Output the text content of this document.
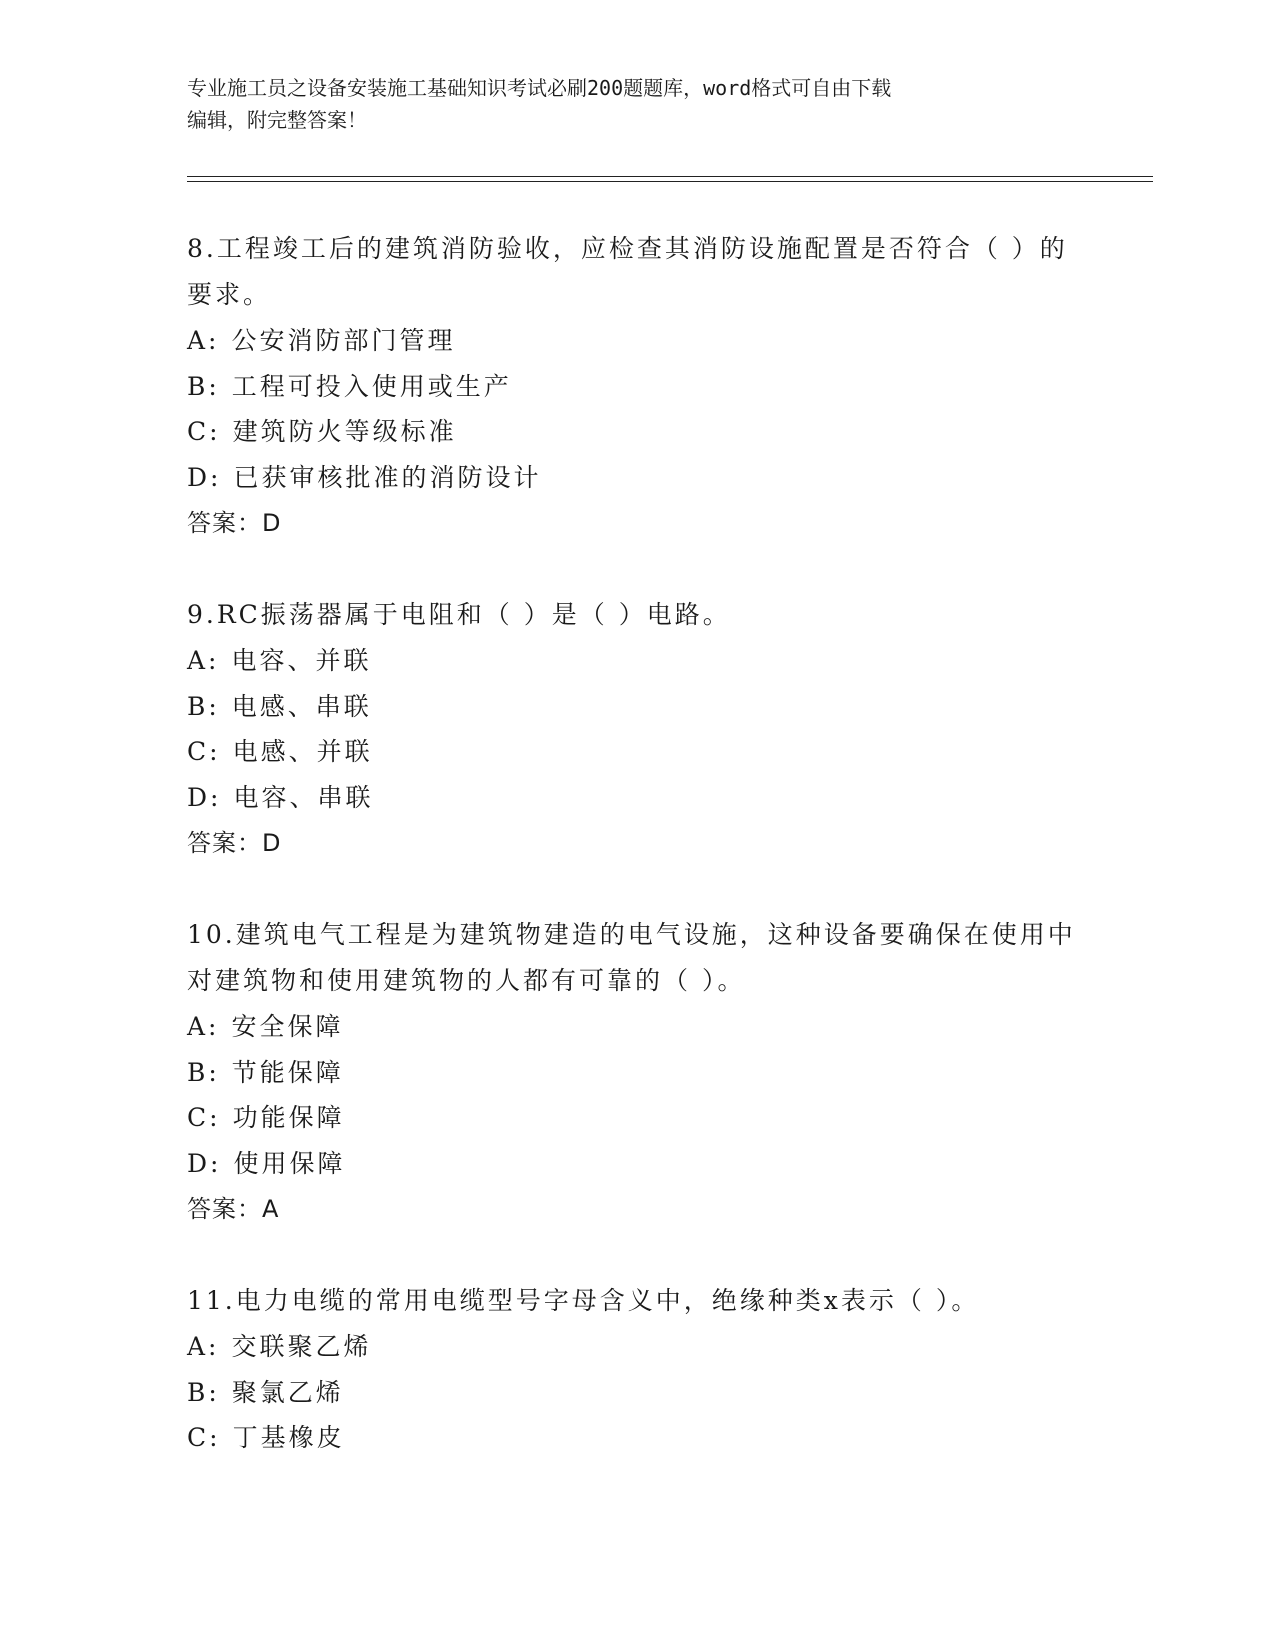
专业施工员之设备安装施工基础知识考试必刷200题题库，word格式可自由下载
编辑，附完整答案！
8.工程竣工后的建筑消防验收，应检查其消防设施配置是否符合（ ）的要求。
A: 公安消防部门管理
B: 工程可投入使用或生产
C: 建筑防火等级标准
D: 已获审核批准的消防设计
答案：D
9.RC振荡器属于电阻和（ ）是（ ）电路。
A: 电容、并联
B: 电感、串联
C: 电感、并联
D: 电容、串联
答案：D
10.建筑电气工程是为建筑物建造的电气设施，这种设备要确保在使用中对建筑物和使用建筑物的人都有可靠的（ ）。
A: 安全保障
B: 节能保障
C: 功能保障
D: 使用保障
答案：A
11.电力电缆的常用电缆型号字母含义中，绝缘种类x表示（ ）。
A: 交联聚乙烯
B: 聚氯乙烯
C: 丁基橡皮
